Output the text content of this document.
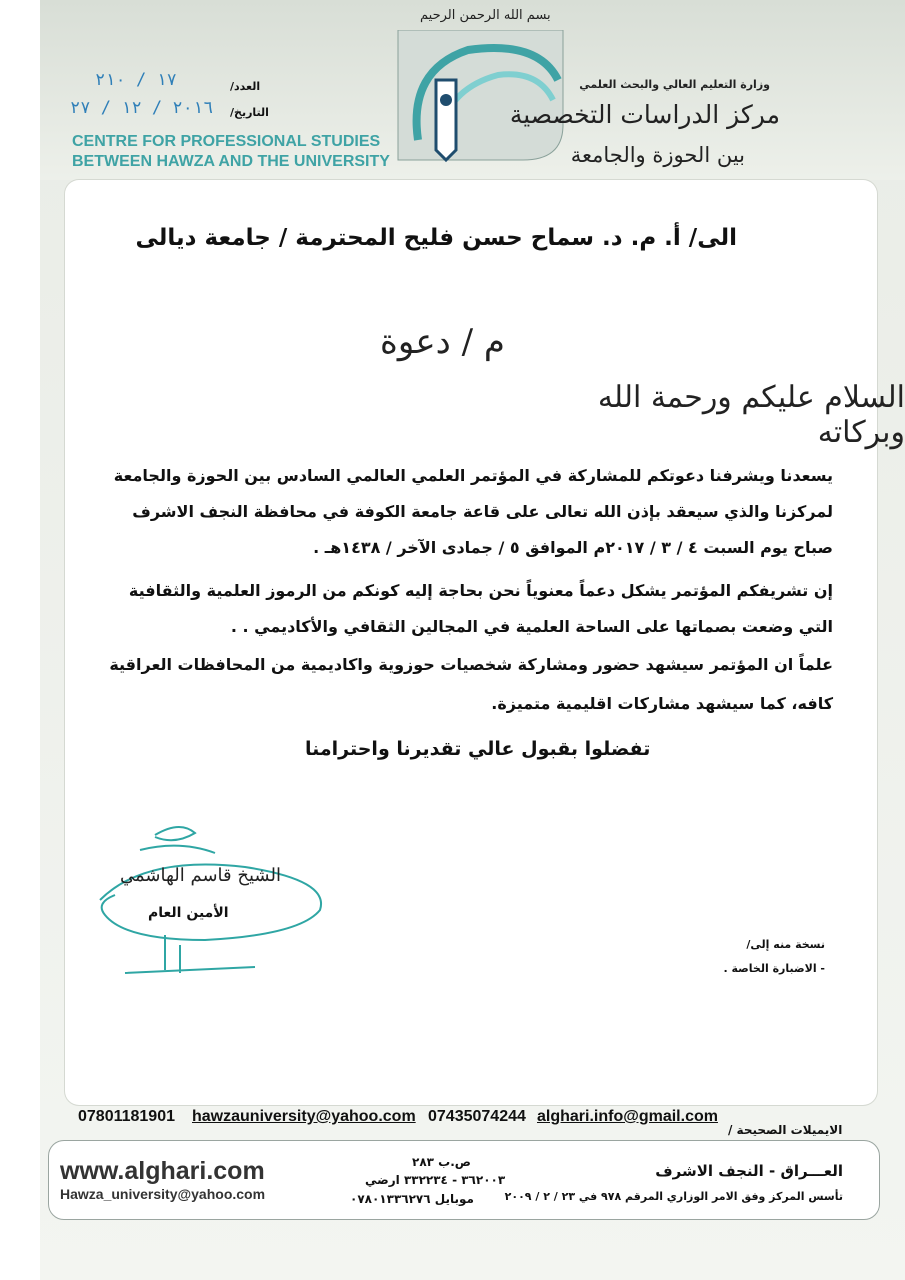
بسم الله الرحمن الرحيم
العدد/
١٧ / ٢١٠
التاريخ/
٢٠١٦ / ١٢ / ٢٧
CENTRE FOR PROFESSIONAL STUDIES
BETWEEN HAWZA AND THE UNIVERSITY
وزارة التعليم العالي والبحث العلمي
مركز الدراسات التخصصية
بين الحوزة والجامعة
الى/ أ. م. د. سماح حسن فليح المحترمة / جامعة ديالى
م / دعوة
السلام عليكم ورحمة الله وبركاته
يسعدنا ويشرفنا دعوتكم للمشاركة في المؤتمر العلمي العالمي السادس بين الحوزة والجامعة
لمركزنا والذي سيعقد بإذن الله تعالى على قاعة جامعة الكوفة في محافظة النجف الاشرف
صباح يوم السبت ٤ / ٣ / ٢٠١٧م الموافق ٥ / جمادى الآخر / ١٤٣٨هـ .
إن تشريفكم المؤتمر يشكل دعماً معنوياً نحن بحاجة إليه كونكم من الرموز العلمية والثقافية
التي وضعت بصماتها على الساحة العلمية في المجالين الثقافي والأكاديمي . .
علماً ان المؤتمر سيشهد حضور ومشاركة شخصيات حوزوية واكاديمية من المحافظات العراقية
كافه، كما سيشهد مشاركات اقليمية متميزة.
تفضلوا بقبول عالي تقديرنا واحترامنا
الشيخ قاسم الهاشمي
الأمين العام
نسخة منه إلى/
- الاضبارة الخاصة .
07801181901 hawzauniversity@yahoo.com 07435074244 alghari.info@gmail.com
الايميلات الصحيحة /
www.alghari.com
Hawza_university@yahoo.com
ص.ب ٢٨٣
٣٦٢٠٠٣ - ٣٣٢٢٣٤ ارضي
موبايل ٠٧٨٠١٣٣٦٢٧٦
العـــراق - النجف الاشرف
تأسس المركز وفق الامر الوزاري المرقم ٩٧٨ في ٢٣ / ٢ / ٢٠٠٩
